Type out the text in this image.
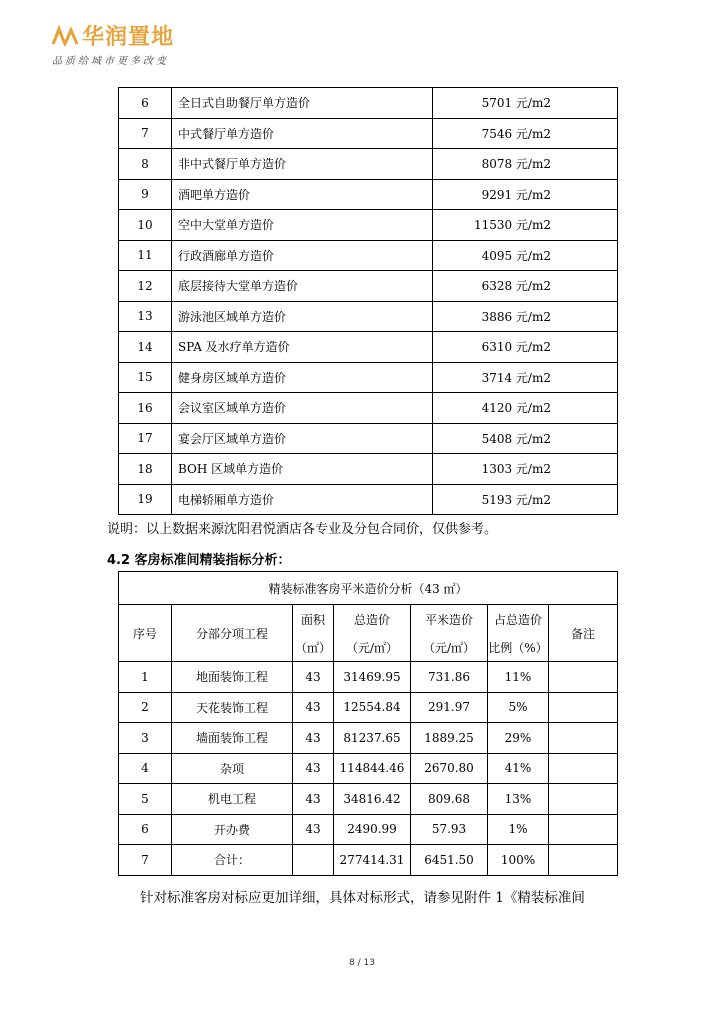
华润置地
品质给城市更多改变
6	全日式自助餐厅单方造价	5701 元/m2
7	中式餐厅单方造价	7546 元/m2
8	非中式餐厅单方造价	8078 元/m2
9	酒吧单方造价	9291 元/m2
10	空中大堂单方造价	11530 元/m2
11	行政酒廊单方造价	4095 元/m2
12	底层接待大堂单方造价	6328 元/m2
13	游泳池区域单方造价	3886 元/m2
14	SPA 及水疗单方造价	6310 元/m2
15	健身房区域单方造价	3714 元/m2
16	会议室区域单方造价	4120 元/m2
17	宴会厅区域单方造价	5408 元/m2
18	BOH 区域单方造价	1303 元/m2
19	电梯轿厢单方造价	5193 元/m2
说明：以上数据来源沈阳君悦酒店各专业及分包合同价，仅供参考。
4.2 客房标准间精装指标分析：
精装标准客房平米造价分析（43 ㎡）						
序号	分部分项工程	面积	总造价	平米造价	占总造价	备注
		（㎡）	（元/㎡）	（元/㎡）	比例（%）	
1	地面装饰工程	43	31469.95	731.86	11%	
2	天花装饰工程	43	12554.84	291.97	5%	
3	墙面装饰工程	43	81237.65	1889.25	29%	
4	杂项	43	114844.46	2670.80	41%	
5	机电工程	43	34816.42	809.68	13%	
6	开办费	43	2490.99	57.93	1%	
7	合计：		277414.31	6451.50	100%	
针对标准客房对标应更加详细，具体对标形式，请参见附件 1《精装标准间
8 / 13
